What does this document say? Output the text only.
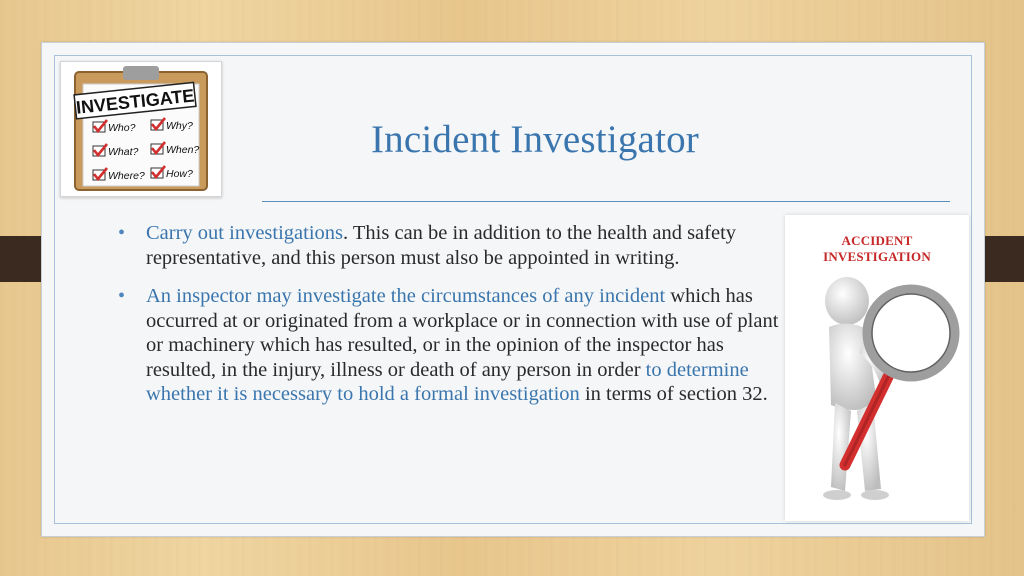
INVESTIGATE
Who?	Why?
What?	When?
Where? How?
Incident Investigator
• Carry out investigations. This can be in addition to the health and safety representative, and this person must also be appointed in writing.
• An inspector may investigate the circumstances of any incident which has occurred at or originated from a workplace or in connection with use of plant or machinery which has resulted, or in the opinion of the inspector has resulted, in the injury, illness or death of any person in order to determine whether it is necessary to hold a formal investigation in terms of section 32.
ACCIDENT INVESTIGATION
